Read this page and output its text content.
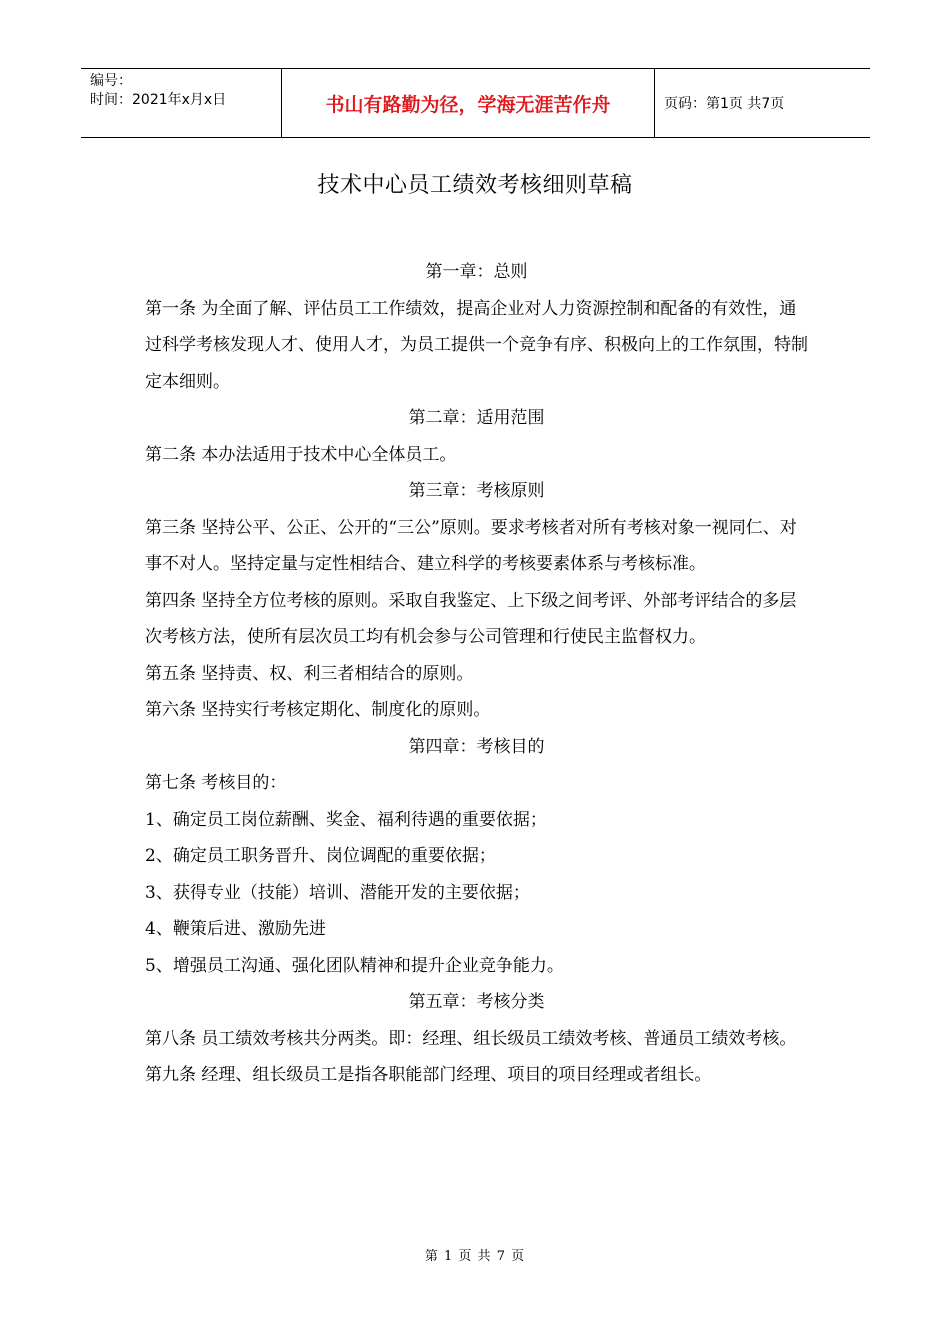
编号：
时间：2021年x月x日	书山有路勤为径，学海无涯苦作舟	页码：第1页 共7页
技术中心员工绩效考核细则草稿

第一章：总则

第一条 为全面了解、评估员工工作绩效，提高企业对人力资源控制和配备的有效性，通过科学考核发现人才、使用人才，为员工提供一个竞争有序、积极向上的工作氛围，特制定本细则。

第二章：适用范围

第二条 本办法适用于技术中心全体员工。

第三章：考核原则

第三条 坚持公平、公正、公开的“三公”原则。要求考核者对所有考核对象一视同仁、对事不对人。坚持定量与定性相结合、建立科学的考核要素体系与考核标准。

第四条 坚持全方位考核的原则。采取自我鉴定、上下级之间考评、外部考评结合的多层次考核方法，使所有层次员工均有机会参与公司管理和行使民主监督权力。

第五条 坚持责、权、利三者相结合的原则。

第六条 坚持实行考核定期化、制度化的原则。

第四章：考核目的

第七条 考核目的：

1、确定员工岗位薪酬、奖金、福利待遇的重要依据；

2、确定员工职务晋升、岗位调配的重要依据；

3、获得专业（技能）培训、潜能开发的主要依据；

4、鞭策后进、激励先进

5、增强员工沟通、强化团队精神和提升企业竞争能力。

第五章：考核分类

第八条 员工绩效考核共分两类。即：经理、组长级员工绩效考核、普通员工绩效考核。

第九条 经理、组长级员工是指各职能部门经理、项目的项目经理或者组长。

第 1 页 共 7 页
